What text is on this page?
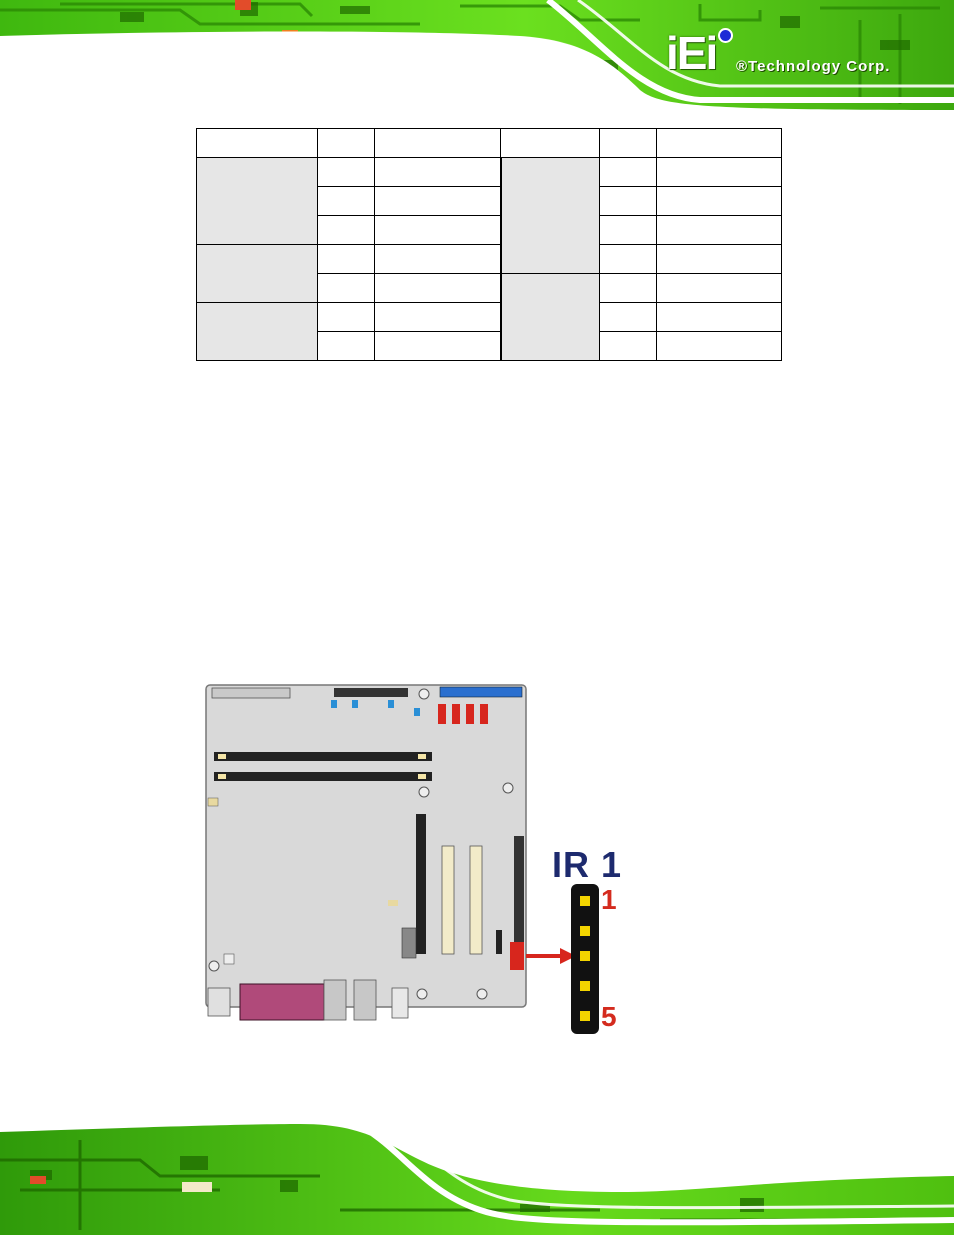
iEi ®Technology Corp.

IR 1
1
5
